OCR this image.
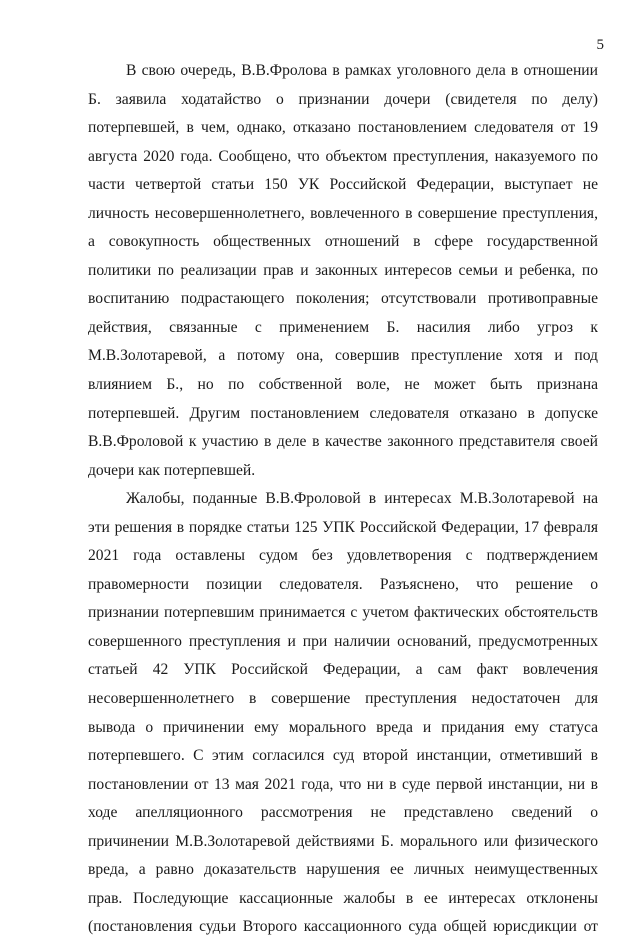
5
В свою очередь, В.В.Фролова в рамках уголовного дела в отношении
Б. заявила ходатайство о признании дочери (свидетеля по делу)
потерпевшей, в чем, однако, отказано постановлением следователя от 19
августа 2020 года. Сообщено, что объектом преступления, наказуемого по
части четвертой статьи 150 УК Российской Федерации, выступает не
личность несовершеннолетнего, вовлеченного в совершение преступления,
а совокупность общественных отношений в сфере государственной
политики по реализации прав и законных интересов семьи и ребенка, по
воспитанию подрастающего поколения; отсутствовали противоправные
действия, связанные с применением Б. насилия либо угроз к
М.В.Золотаревой, а потому она, совершив преступление хотя и под
влиянием Б., но по собственной воле, не может быть признана
потерпевшей. Другим постановлением следователя отказано в допуске
В.В.Фроловой к участию в деле в качестве законного представителя своей
дочери как потерпевшей.
Жалобы, поданные В.В.Фроловой в интересах М.В.Золотаревой на
эти решения в порядке статьи 125 УПК Российской Федерации, 17 февраля
2021 года оставлены судом без удовлетворения с подтверждением
правомерности позиции следователя. Разъяснено, что решение о
признании потерпевшим принимается с учетом фактических обстоятельств
совершенного преступления и при наличии оснований, предусмотренных
статьей 42 УПК Российской Федерации, а сам факт вовлечения
несовершеннолетнего в совершение преступления недостаточен для
вывода о причинении ему морального вреда и придания ему статуса
потерпевшего. С этим согласился суд второй инстанции, отметивший в
постановлении от 13 мая 2021 года, что ни в суде первой инстанции, ни в
ходе апелляционного рассмотрения не представлено сведений о
причинении М.В.Золотаревой действиями Б. морального или физического
вреда, а равно доказательств нарушения ее личных неимущественных
прав. Последующие кассационные жалобы в ее интересах отклонены
(постановления судьи Второго кассационного суда общей юрисдикции от
